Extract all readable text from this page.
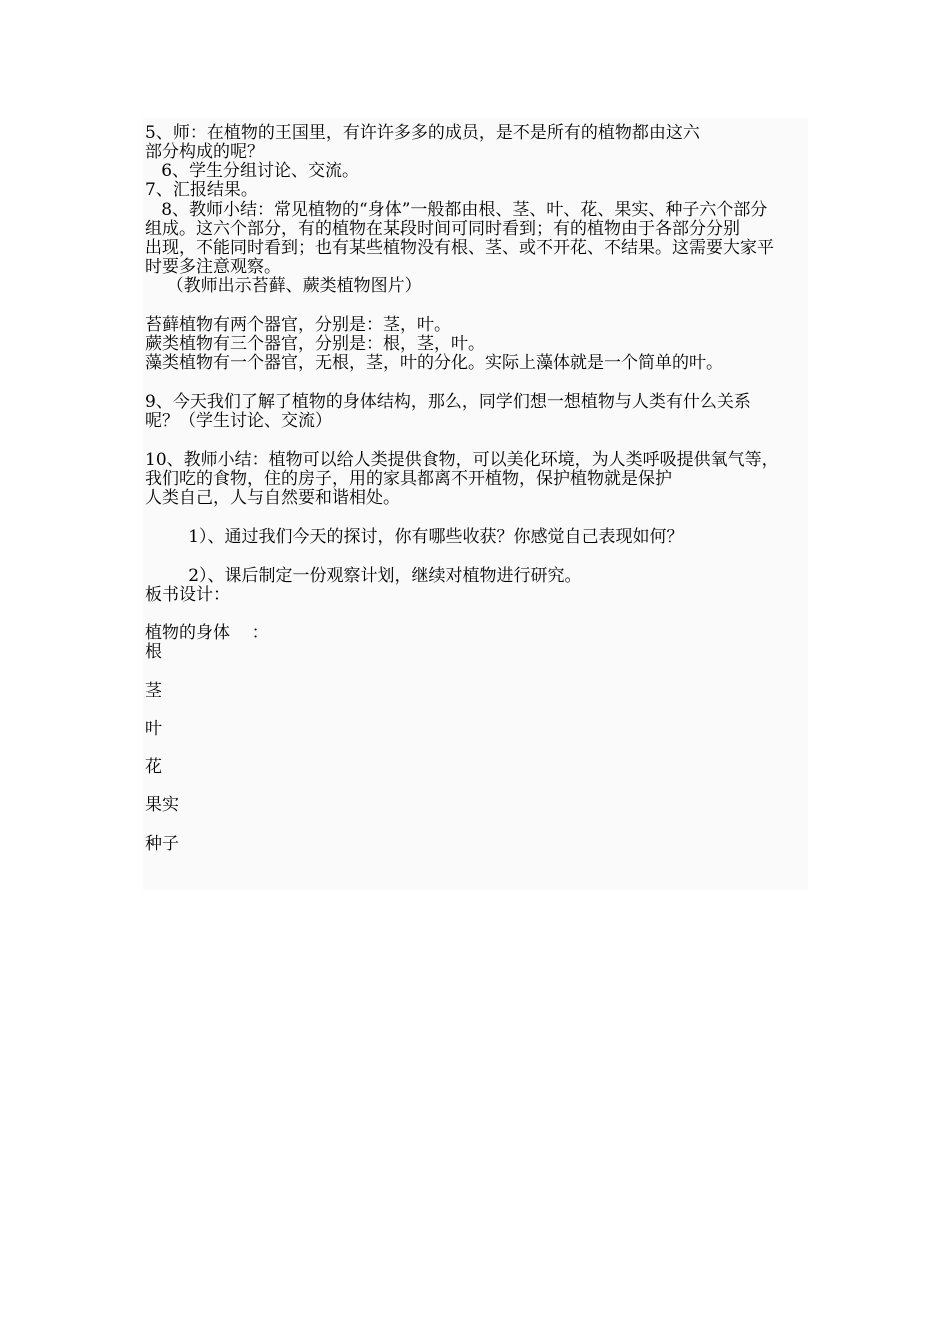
5、师：在植物的王国里，有许许多多的成员，是不是所有的植物都由这六
部分构成的呢？
6、学生分组讨论、交流。
7、汇报结果。
8、教师小结：常见植物的“身体”一般都由根、茎、叶、花、果实、种子六个部分
组成。这六个部分，有的植物在某段时间可同时看到；有的植物由于各部分分别
出现，不能同时看到；也有某些植物没有根、茎、或不开花、不结果。这需要大家平
时要多注意观察。
（教师出示苔藓、蕨类植物图片）
苔藓植物有两个器官，分别是：茎，叶。
蕨类植物有三个器官，分别是：根，茎，叶。
藻类植物有一个器官，无根，茎，叶的分化。实际上藻体就是一个简单的叶。
9、今天我们了解了植物的身体结构，那么，同学们想一想植物与人类有什么关系
呢？（学生讨论、交流）
10、教师小结：植物可以给人类提供食物，可以美化环境，为人类呼吸提供氧气等，
我们吃的食物，住的房子，用的家具都离不开植物，保护植物就是保护
人类自己，人与自然要和谐相处。
1）、通过我们今天的探讨，你有哪些收获？你感觉自己表现如何？
2）、课后制定一份观察计划，继续对植物进行研究。
板书设计：
植物的身体    ：
根
茎
叶
花
果实
种子
